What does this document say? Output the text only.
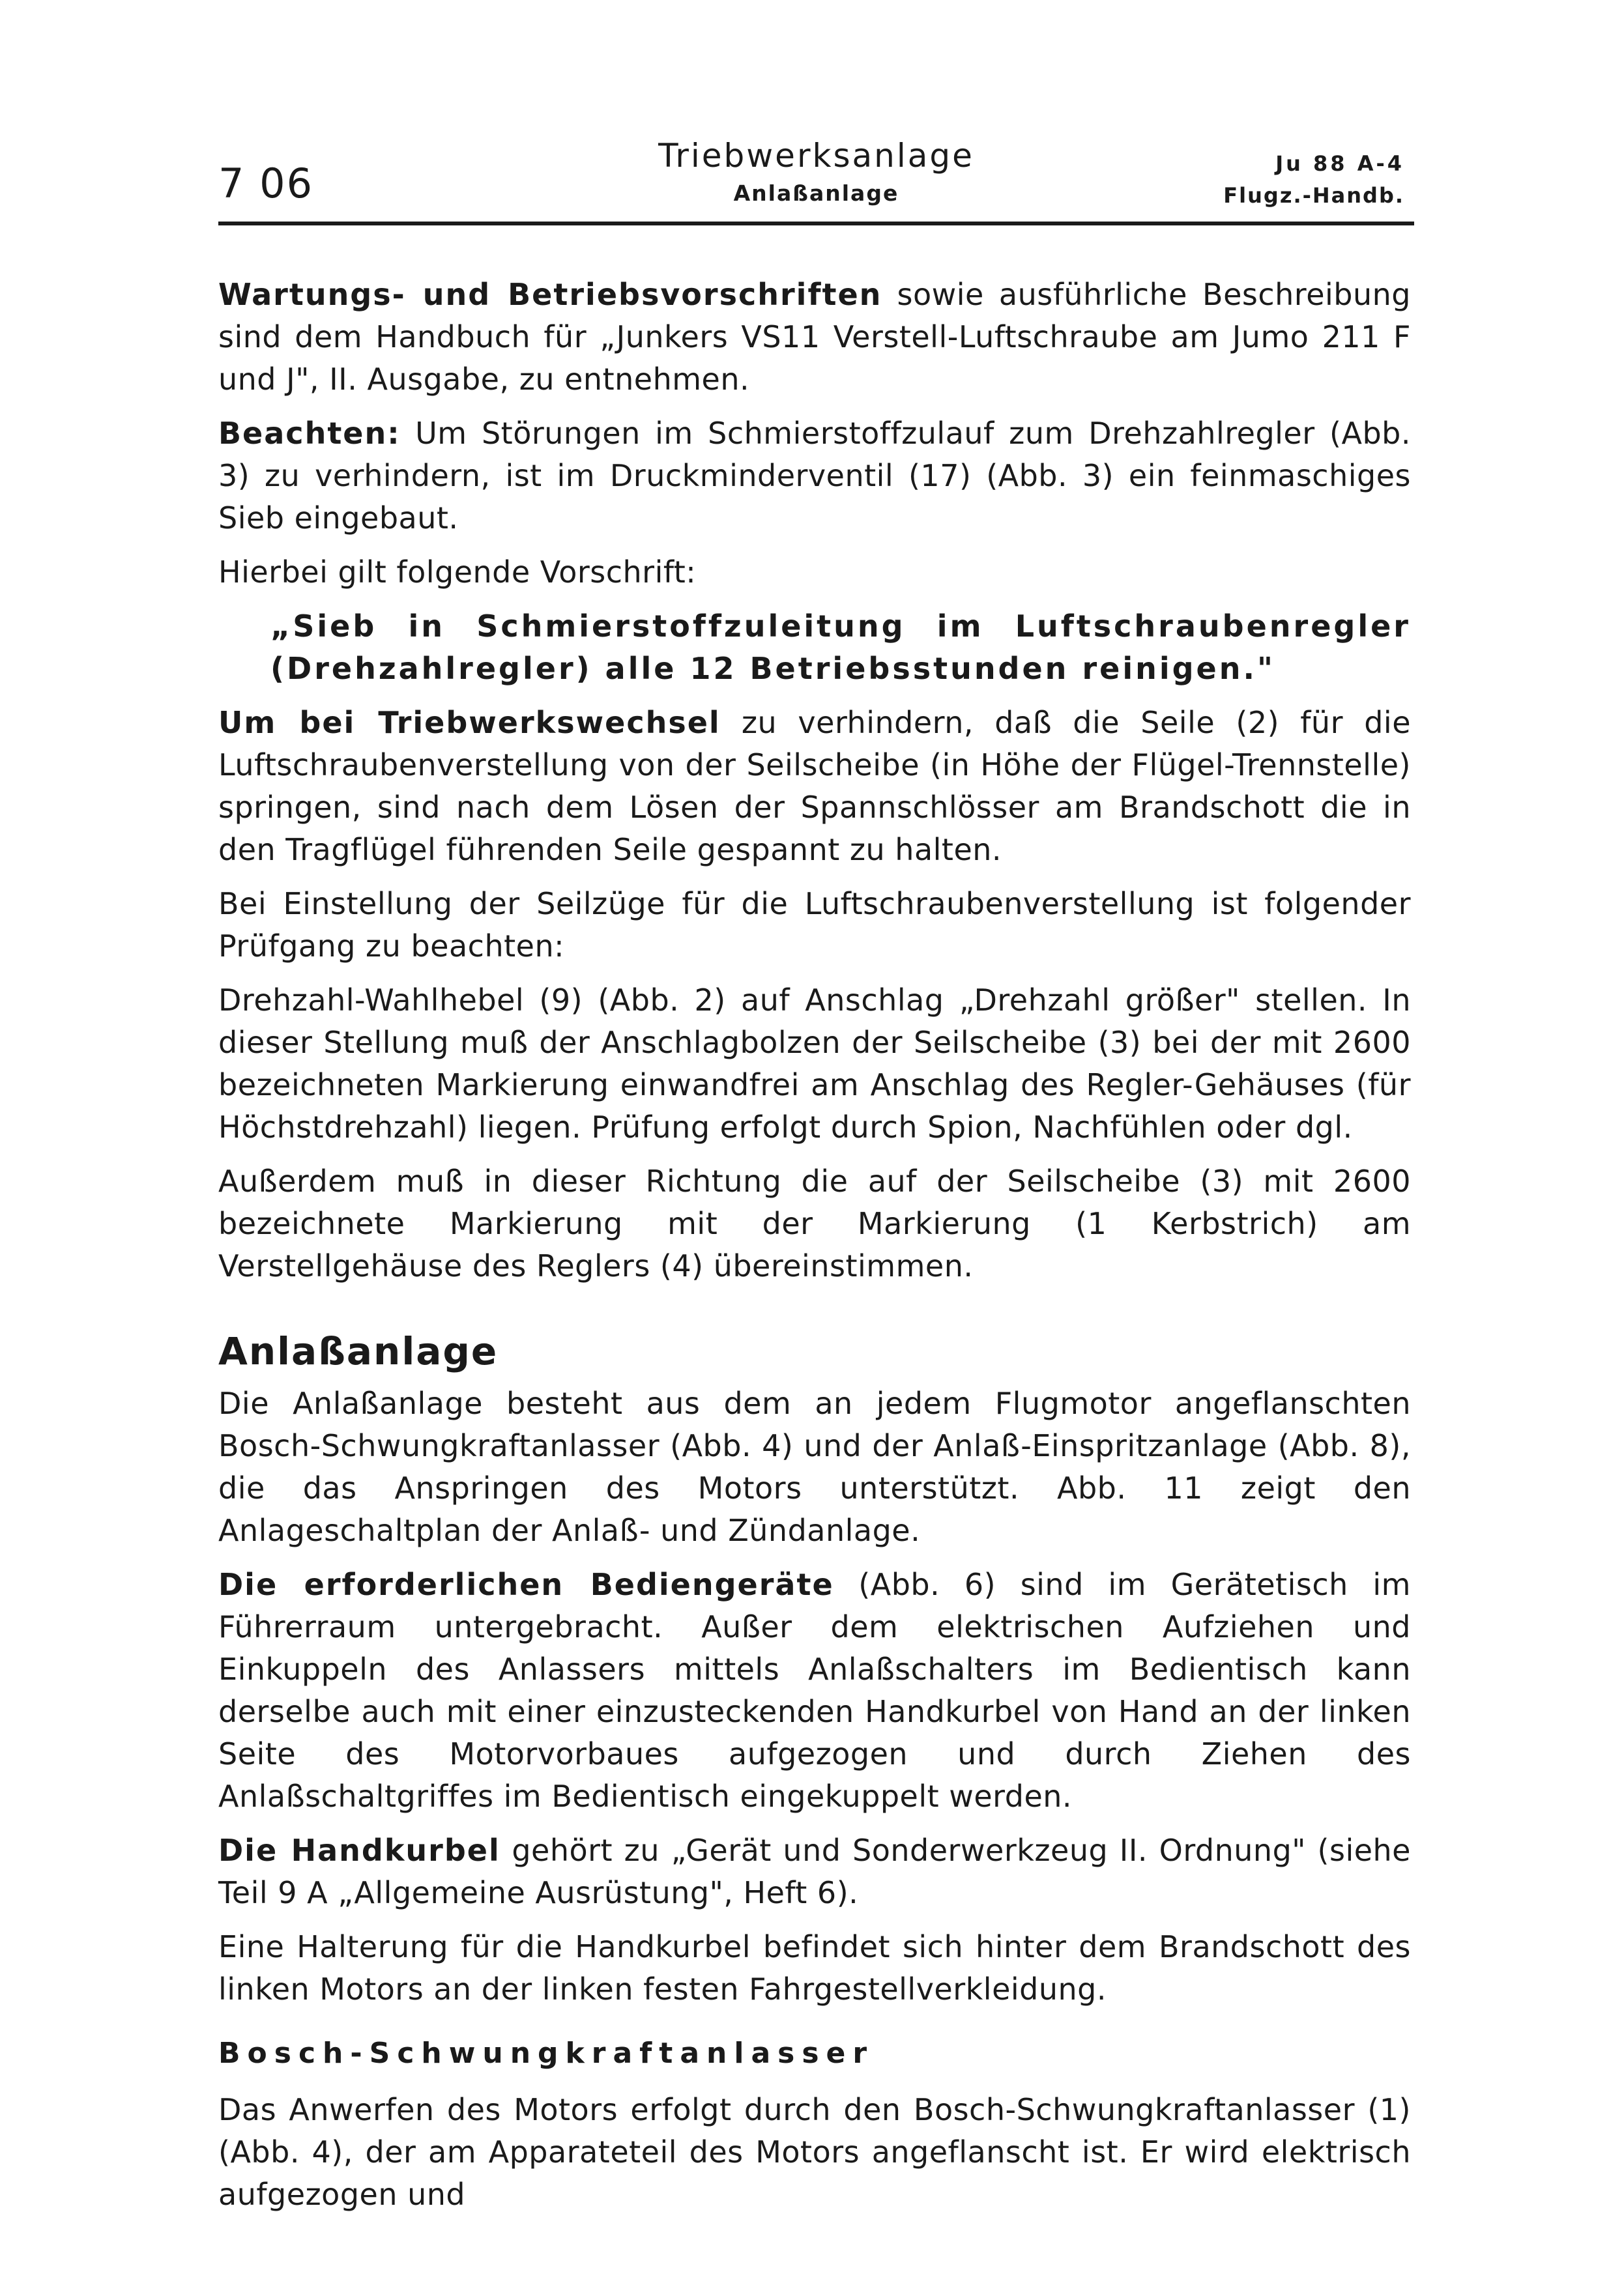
7 06
Triebwerksanlage
Anlaßanlage
Ju 88 A-4
Flugz.-Handb.

Wartungs- und Betriebsvorschriften sowie ausführliche Beschreibung sind dem Handbuch für „Junkers VS11 Verstell-Luftschraube am Jumo 211 F und J", II. Ausgabe, zu entnehmen.

Beachten: Um Störungen im Schmierstoffzulauf zum Drehzahlregler (Abb. 3) zu verhindern, ist im Druckminderventil (17) (Abb. 3) ein feinmaschiges Sieb eingebaut.

Hierbei gilt folgende Vorschrift:

„Sieb in Schmierstoffzuleitung im Luftschraubenregler (Drehzahlregler) alle 12 Betriebsstunden reinigen."

Um bei Triebwerkswechsel zu verhindern, daß die Seile (2) für die Luftschraubenverstellung von der Seilscheibe (in Höhe der Flügel-Trennstelle) springen, sind nach dem Lösen der Spannschlösser am Brandschott die in den Tragflügel führenden Seile gespannt zu halten.

Bei Einstellung der Seilzüge für die Luftschraubenverstellung ist folgender Prüfgang zu beachten:

Drehzahl-Wahlhebel (9) (Abb. 2) auf Anschlag „Drehzahl größer" stellen. In dieser Stellung muß der Anschlagbolzen der Seilscheibe (3) bei der mit 2600 bezeichneten Markierung einwandfrei am Anschlag des Regler-Gehäuses (für Höchstdrehzahl) liegen. Prüfung erfolgt durch Spion, Nachfühlen oder dgl.

Außerdem muß in dieser Richtung die auf der Seilscheibe (3) mit 2600 bezeichnete Markierung mit der Markierung (1 Kerbstrich) am Verstellgehäuse des Reglers (4) übereinstimmen.

Anlaßanlage

Die Anlaßanlage besteht aus dem an jedem Flugmotor angeflanschten Bosch-Schwungkraftanlasser (Abb. 4) und der Anlaß-Einspritzanlage (Abb. 8), die das Anspringen des Motors unterstützt. Abb. 11 zeigt den Anlageschaltplan der Anlaß- und Zündanlage.

Die erforderlichen Bediengeräte (Abb. 6) sind im Gerätetisch im Führerraum untergebracht. Außer dem elektrischen Aufziehen und Einkuppeln des Anlassers mittels Anlaßschalters im Bedientisch kann derselbe auch mit einer einzusteckenden Handkurbel von Hand an der linken Seite des Motorvorbaues aufgezogen und durch Ziehen des Anlaßschaltgriffes im Bedientisch eingekuppelt werden.

Die Handkurbel gehört zu „Gerät und Sonderwerkzeug II. Ordnung" (siehe Teil 9 A „Allgemeine Ausrüstung", Heft 6).

Eine Halterung für die Handkurbel befindet sich hinter dem Brandschott des linken Motors an der linken festen Fahrgestellverkleidung.

Bosch-Schwungkraftanlasser

Das Anwerfen des Motors erfolgt durch den Bosch-Schwungkraftanlasser (1) (Abb. 4), der am Apparateteil des Motors angeflanscht ist. Er wird elektrisch aufgezogen und
